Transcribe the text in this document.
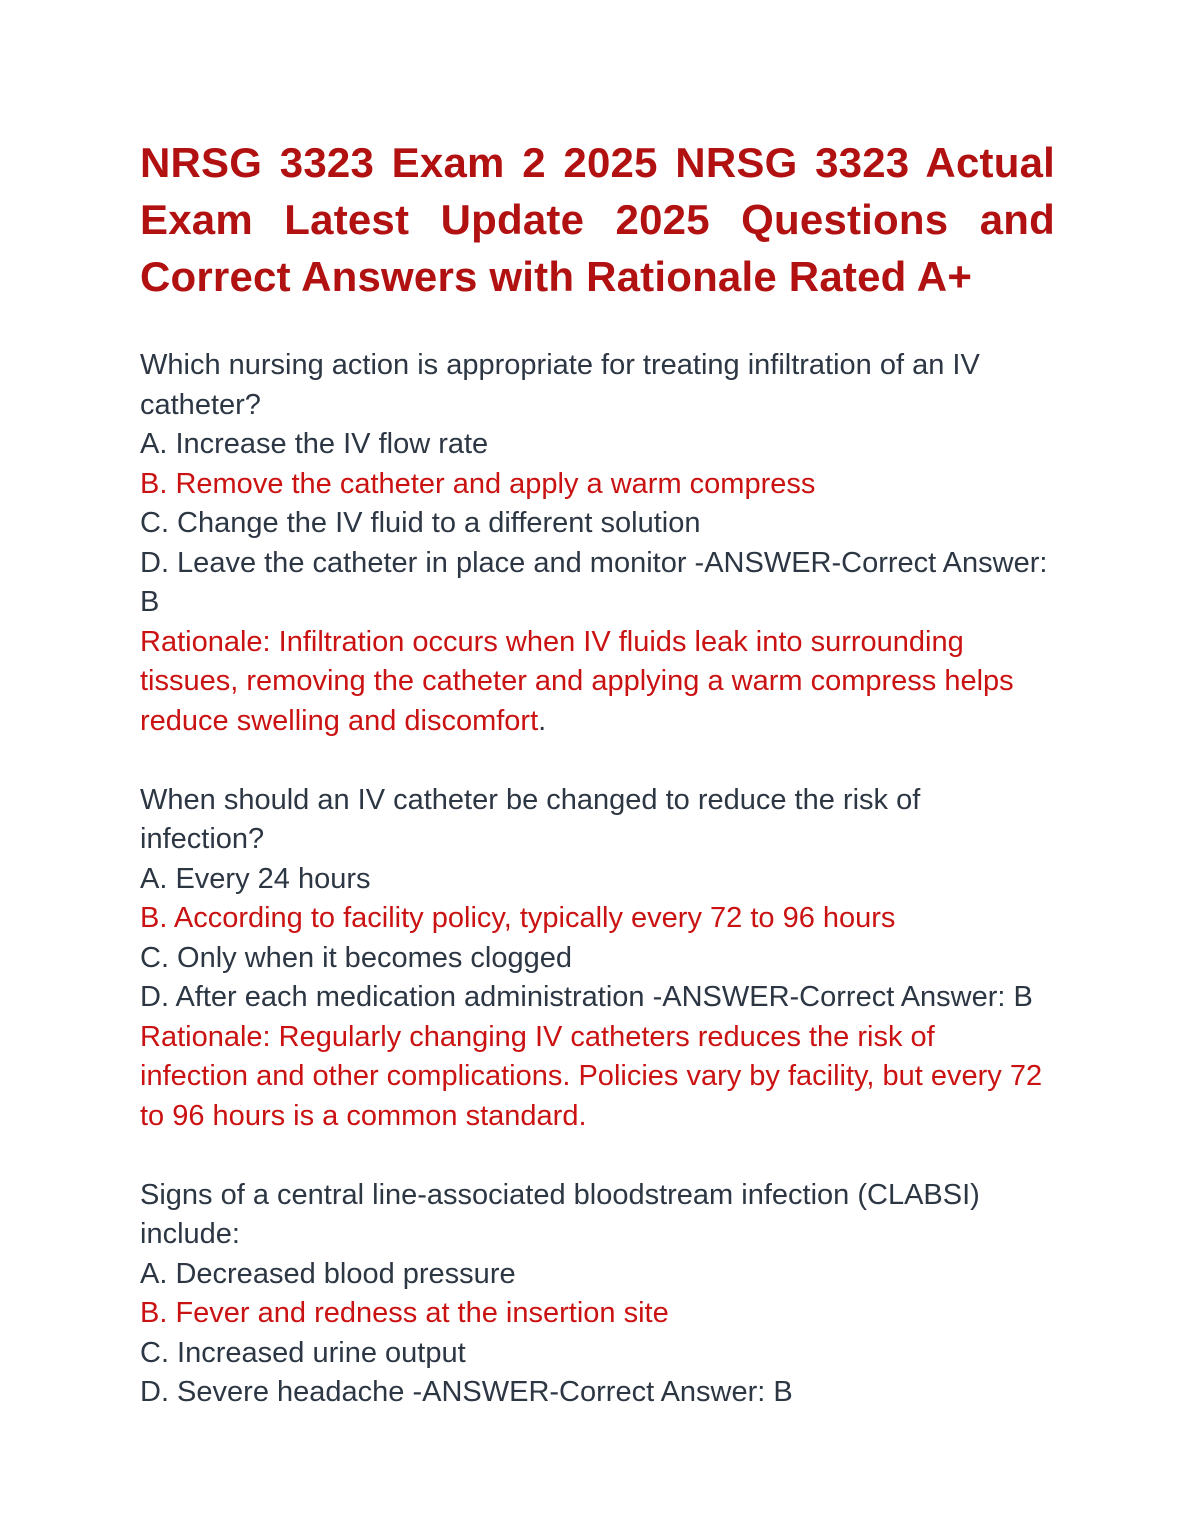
NRSG 3323 Exam 2 2025 NRSG 3323 Actual
Exam Latest Update 2025 Questions and
Correct Answers with Rationale Rated A+

Which nursing action is appropriate for treating infiltration of an IV catheter?

A. Increase the IV flow rate

B. Remove the catheter and apply a warm compress

C. Change the IV fluid to a different solution

D. Leave the catheter in place and monitor -ANSWER-Correct Answer: B

Rationale: Infiltration occurs when IV fluids leak into surrounding tissues, removing the catheter and applying a warm compress helps reduce swelling and discomfort.

When should an IV catheter be changed to reduce the risk of infection?

A. Every 24 hours

B. According to facility policy, typically every 72 to 96 hours

C. Only when it becomes clogged

D. After each medication administration -ANSWER-Correct Answer: B

Rationale: Regularly changing IV catheters reduces the risk of infection and other complications. Policies vary by facility, but every 72 to 96 hours is a common standard.

Signs of a central line-associated bloodstream infection (CLABSI) include:

A. Decreased blood pressure

B. Fever and redness at the insertion site

C. Increased urine output

D. Severe headache -ANSWER-Correct Answer: B
